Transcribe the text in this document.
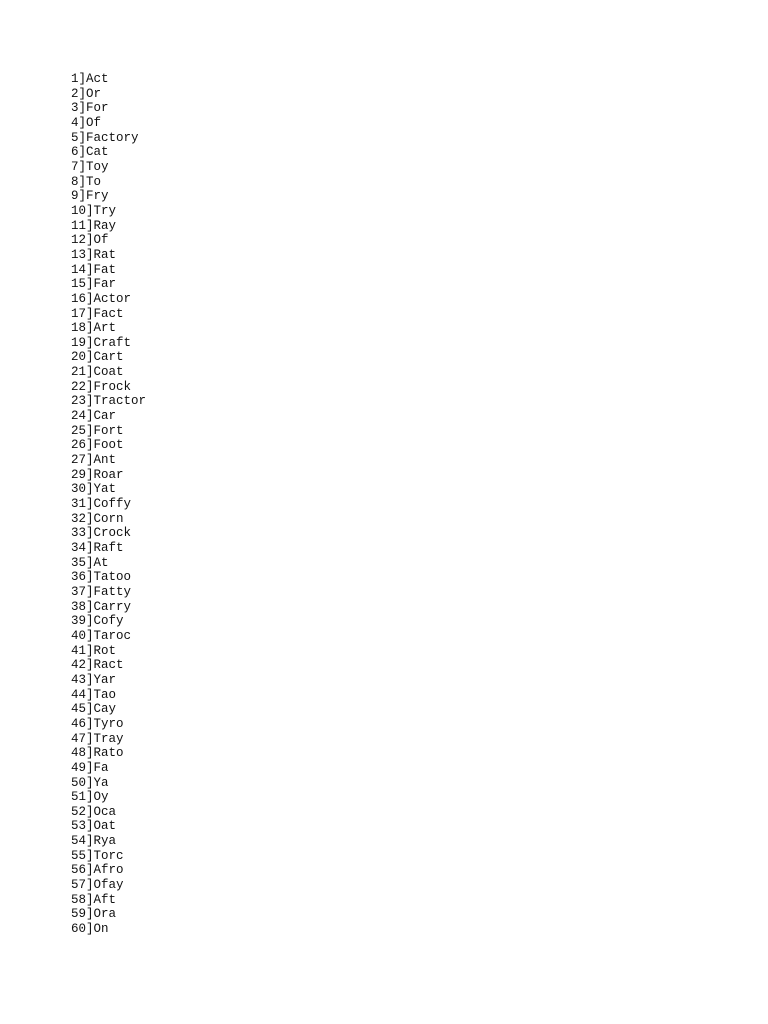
1]Act
2]Or
3]For
4]Of
5]Factory
6]Cat
7]Toy
8]To
9]Fry
10]Try
11]Ray
12]Of
13]Rat
14]Fat
15]Far
16]Actor
17]Fact
18]Art
19]Craft
20]Cart
21]Coat
22]Frock
23]Tractor
24]Car
25]Fort
26]Foot
27]Ant
29]Roar
30]Yat
31]Coffy
32]Corn
33]Crock
34]Raft
35]At
36]Tatoo
37]Fatty
38]Carry
39]Cofy
40]Taroc
41]Rot
42]Ract
43]Yar
44]Tao
45]Cay
46]Tyro
47]Tray
48]Rato
49]Fa
50]Ya
51]Oy
52]Oca
53]Oat
54]Rya
55]Torc
56]Afro
57]Ofay
58]Aft
59]Ora
60]On
